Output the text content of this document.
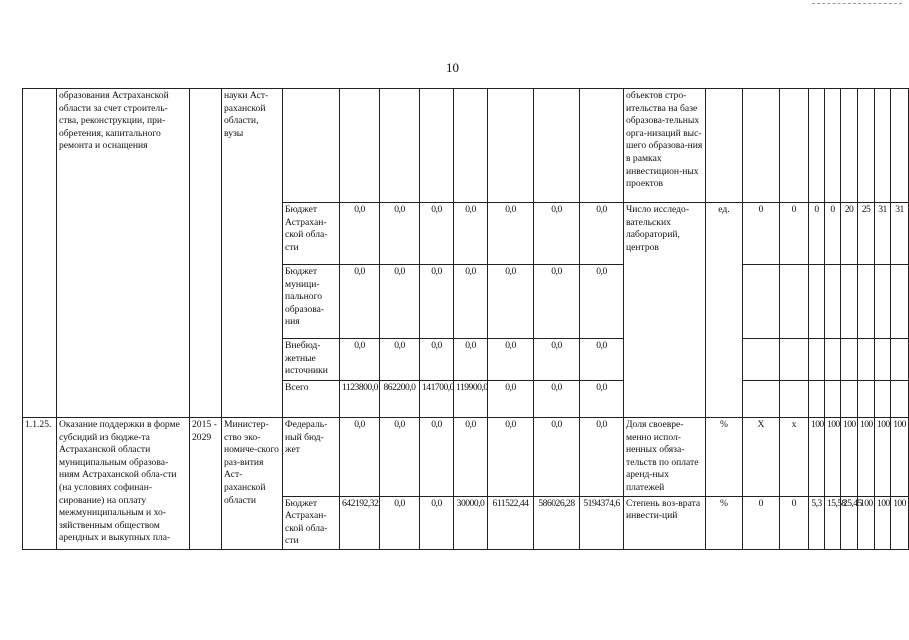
10
	образования Астраханской области за счет строитель-ства, реконструкции, при-обретения, капитального ремонта и оснащения		науки Аст-раханской области, вузы									объектов стро-ительства на базе образова-тельных орга-низаций выс-шего образова-ния в рамках инвестицион-ных проектов									
				Бюджет Астрахан-ской обла-сти	0,0	0,0	0,0	0,0	0,0	0,0	0,0	Число исследо-вательских лабораторий, центров	ед.	0	0	0	0	20	25	31	31
				Бюджет муници-пального образова-ния	0,0	0,0	0,0	0,0	0,0	0,0	0,0										
				Внебюд-жетные источники	0,0	0,0	0,0	0,0	0,0	0,0	0,0										
				Всего	1123800,0	862200,0	141700,0	119900,0	0,0	0,0	0,0										
1.1.25.	Оказание поддержки в форме субсидий из бюдже-та Астраханской области муниципальным образова-ниям Астраханской обла-сти (на условиях софинан-сирование) на оплату межмуниципальным и хо-зяйственным обществом арендных и выкупных пла-	2015 - 2029	Министер-ство эко-номиче-ского раз-вития Аст-раханской области	Федераль-ный бюд-жет	0,0	0,0	0,0	0,0	0,0	0,0	0,0	Доля своевре-менно испол-ненных обяза-тельств по оплате аренд-ных платежей	%	X	x	100	100	100	100	100	100
				Бюджет Астрахан-ской обла-сти	642192,32	0,0	0,0	30000,0	611522,44	586026,28	5194374,6	Степень воз-врата инвести-ций	%	0	0	5,3	15,58	25,45	100	100	100
